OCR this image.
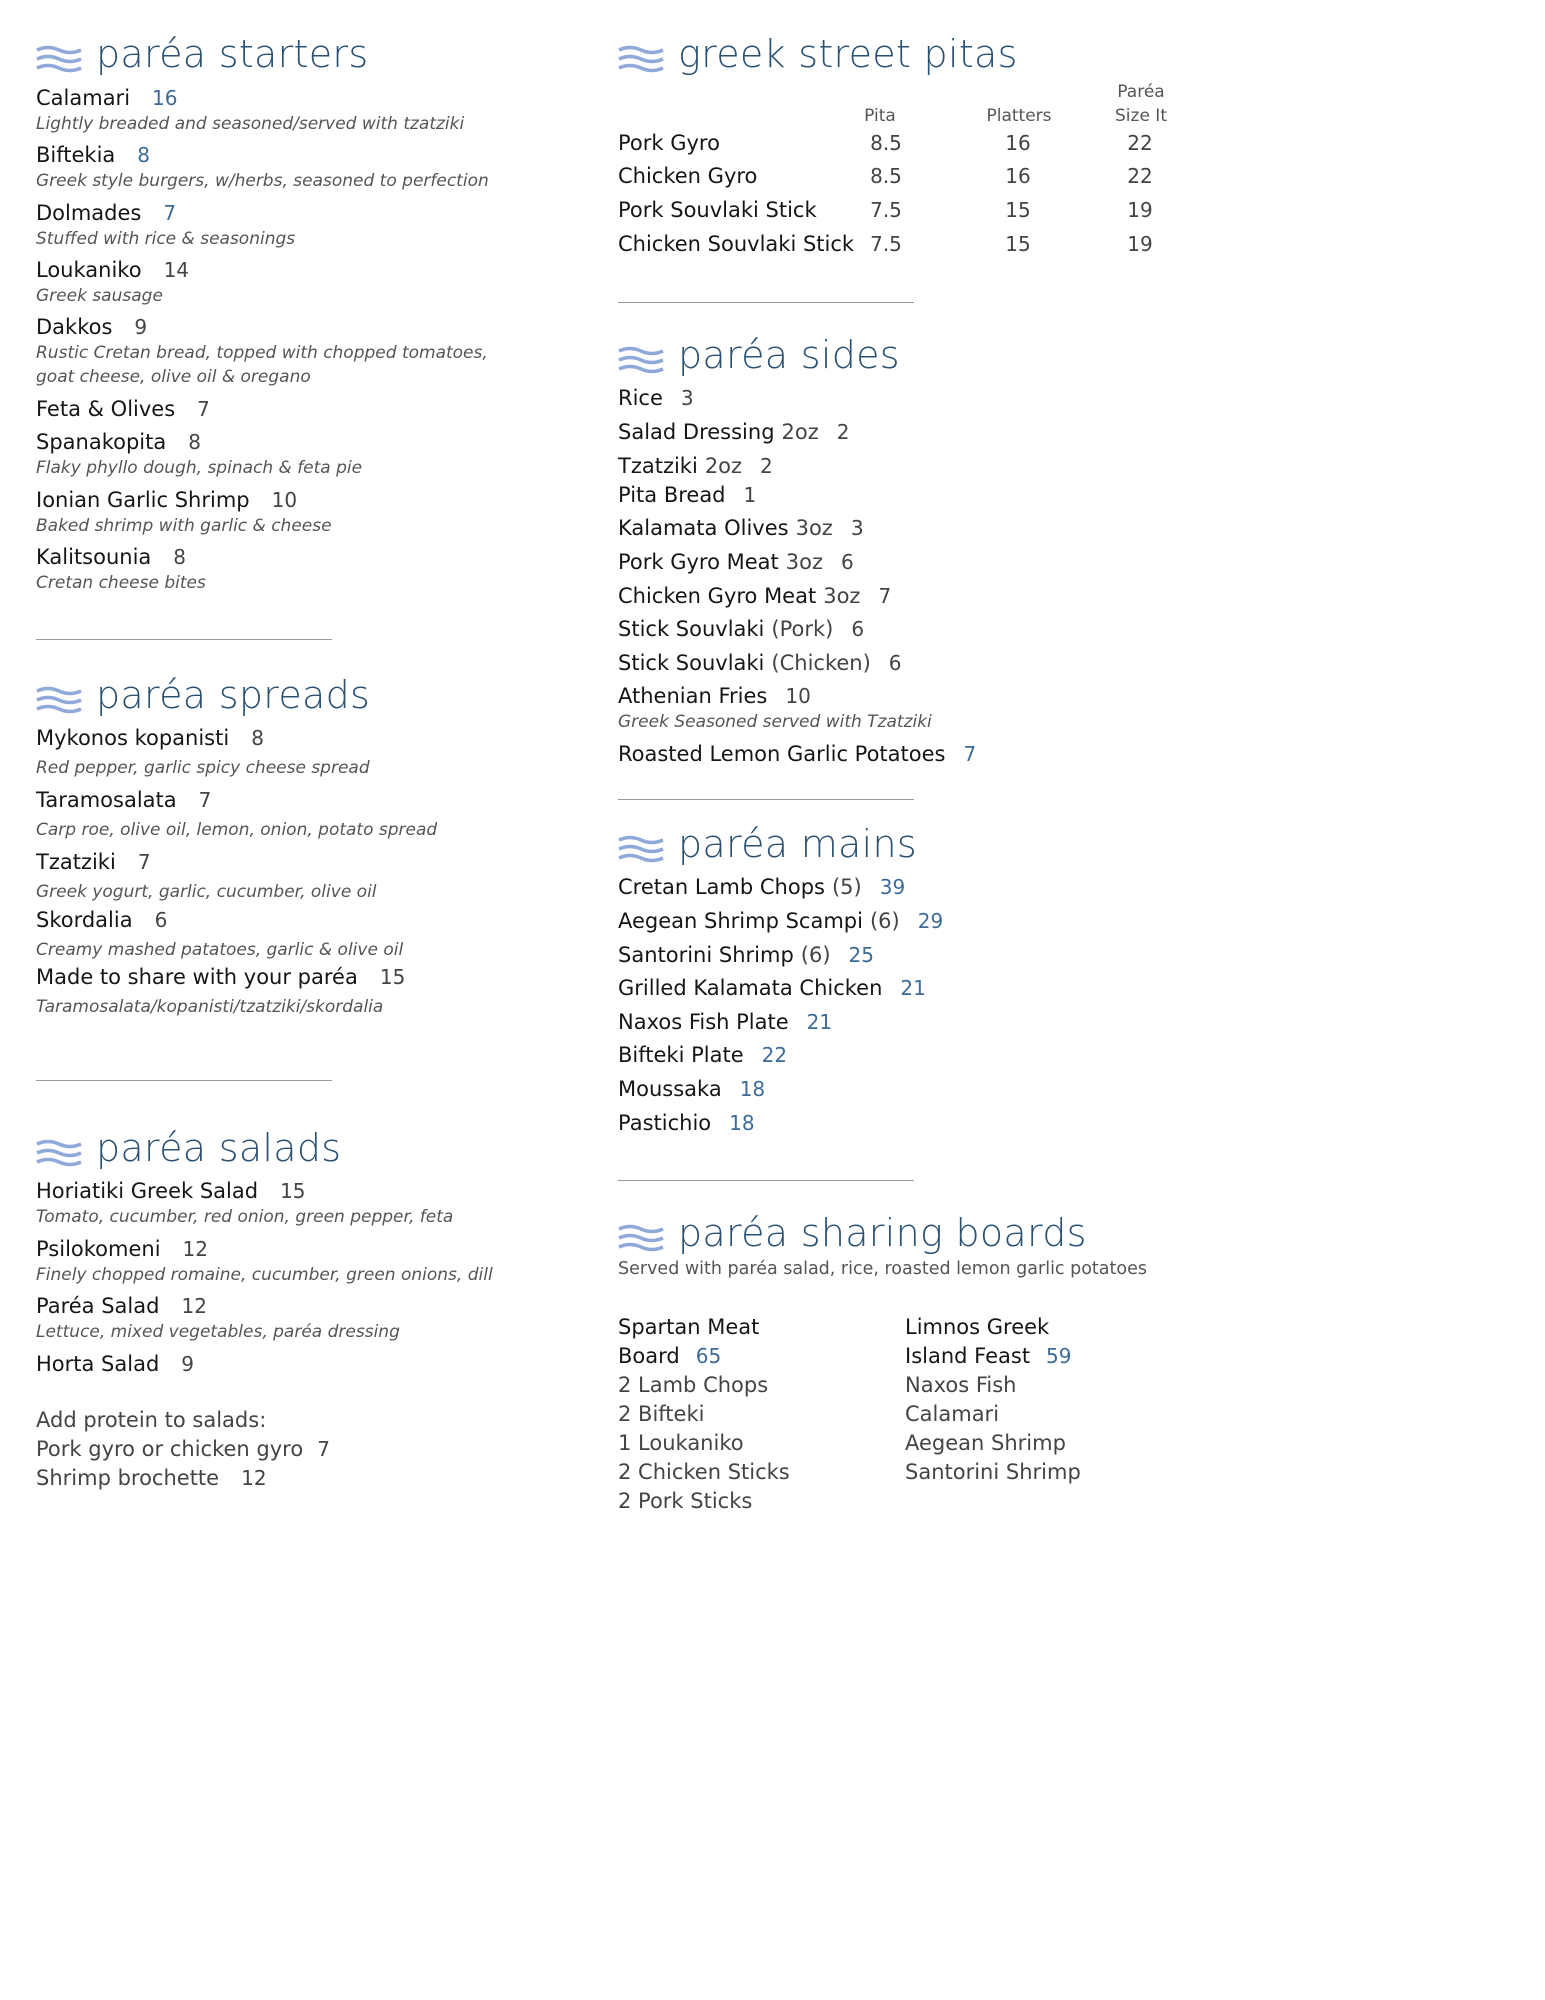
paréa starters
Calamari 16
Lightly breaded and seasoned/served with tzatziki
Biftekia 8
Greek style burgers, w/herbs, seasoned to perfection
Dolmades 7
Stuffed with rice & seasonings
Loukaniko 14
Greek sausage
Dakkos 9
Rustic Cretan bread, topped with chopped tomatoes,
goat cheese, olive oil & oregano
Feta & Olives 7
Spanakopita 8
Flaky phyllo dough, spinach & feta pie
Ionian Garlic Shrimp 10
Baked shrimp with garlic & cheese
Kalitsounia 8
Cretan cheese bites
paréa spreads
Mykonos kopanisti 8
Red pepper, garlic spicy cheese spread
Taramosalata 7
Carp roe, olive oil, lemon, onion, potato spread
Tzatziki 7
Greek yogurt, garlic, cucumber, olive oil
Skordalia 6
Creamy mashed patatoes, garlic & olive oil
Made to share with your paréa 15
Taramosalata/kopanisti/tzatziki/skordalia
paréa salads
Horiatiki Greek Salad 15
Tomato, cucumber, red onion, green pepper, feta
Psilokomeni 12
Finely chopped romaine, cucumber, green onions, dill
Paréa Salad 12
Lettuce, mixed vegetables, paréa dressing
Horta Salad 9
Add protein to salads:
Pork gyro or chicken gyro 7
Shrimp brochette 12
greek street pitas
Pita	Platters
Paréa
Size It
Pork Gyro	8.5	16	22
Chicken Gyro	8.5	16	22
Pork Souvlaki Stick	7.5	15	19
Chicken Souvlaki Stick 7.5	15	19
paréa sides
Rice 3
Salad Dressing 2oz 2
Tzatziki 2oz 2
Pita Bread 1
Kalamata Olives 3oz 3
Pork Gyro Meat 3oz 6
Chicken Gyro Meat 3oz 7
Stick Souvlaki (Pork) 6
Stick Souvlaki (Chicken) 6
Athenian Fries 10
Greek Seasoned served with Tzatziki
Roasted Lemon Garlic Potatoes 7
paréa mains
Cretan Lamb Chops (5) 39
Aegean Shrimp Scampi (6) 29
Santorini Shrimp (6) 25
Grilled Kalamata Chicken 21
Naxos Fish Plate 21
Bifteki Plate 22
Moussaka 18
Pastichio 18
paréa sharing boards
Served with paréa salad, rice, roasted lemon garlic potatoes
Spartan Meat
Board 65
2 Lamb Chops
2 Bifteki
1 Loukaniko
2 Chicken Sticks
2 Pork Sticks
Limnos Greek
Island Feast 59
Naxos Fish
Calamari
Aegean Shrimp
Santorini Shrimp
